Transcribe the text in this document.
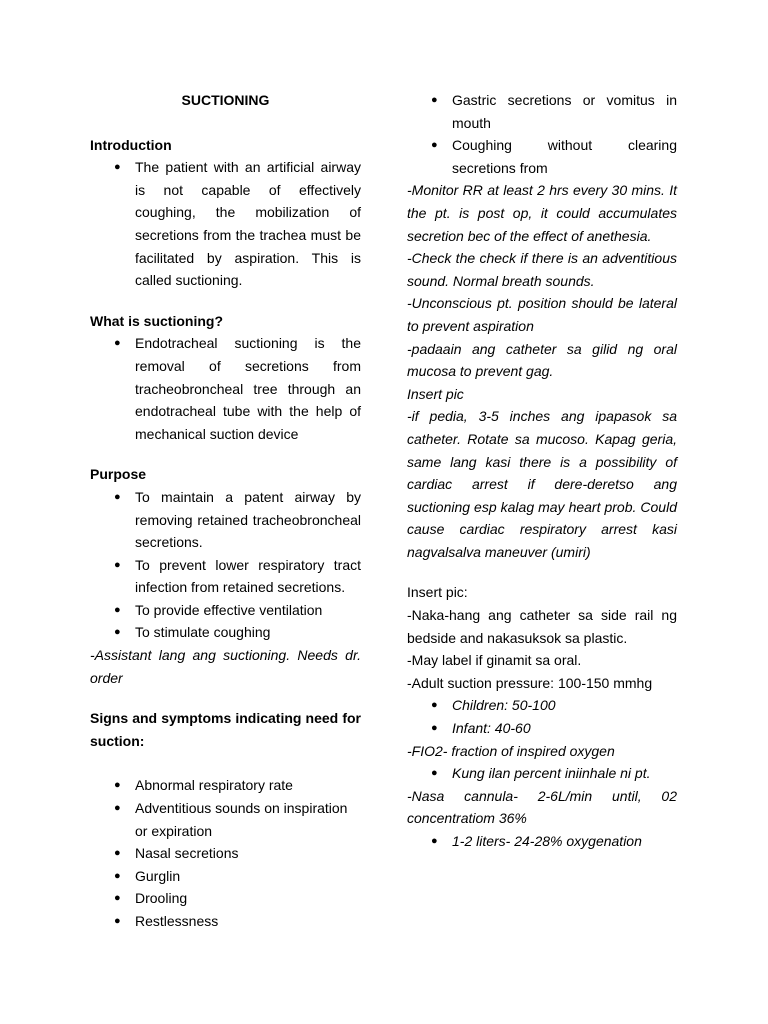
SUCTIONING
Introduction
● The patient with an artificial airway is not capable of effectively coughing, the mobilization of secretions from the trachea must be facilitated by aspiration. This is called suctioning.
What is suctioning?
● Endotracheal suctioning is the removal of secretions from tracheobroncheal tree through an endotracheal tube with the help of mechanical suction device
Purpose
● To maintain a patent airway by removing retained tracheobroncheal secretions.
● To prevent lower respiratory tract infection from retained secretions.
● To provide effective ventilation
● To stimulate coughing

-Assistant lang ang suctioning. Needs dr. order

Signs and symptoms indicating need for suction:
● Abnormal respiratory rate
● Adventitious sounds on inspiration or expiration
● Nasal secretions
● Gurglin
● Drooling
● Restlessness
● Gastric secretions or vomitus in mouth
● Coughing without clearing secretions from

-Monitor RR at least 2 hrs every 30 mins. It the pt. is post op, it could accumulates secretion bec of the effect of anethesia.

-Check the check if there is an adventitious sound. Normal breath sounds.

-Unconscious pt. position should be lateral to prevent aspiration

-padaain ang catheter sa gilid ng oral mucosa to prevent gag.

Insert pic

-if pedia, 3-5 inches ang ipapasok sa catheter. Rotate sa mucoso. Kapag geria, same lang kasi there is a possibility of cardiac arrest if dere-deretso ang suctioning esp kalag may heart prob. Could cause cardiac respiratory arrest kasi nagvalsalva maneuver (umiri)

Insert pic:

-Naka-hang ang catheter sa side rail ng bedside and nakasuksok sa plastic.

-May label if ginamit sa oral.

-Adult suction pressure: 100-150 mmhg

● Children: 50-100
● Infant: 40-60

-FIO2- fraction of inspired oxygen

● Kung ilan percent iniinhale ni pt.

-Nasa cannula- 2-6L/min until, 02 concentratiom 36%

● 1-2 liters- 24-28% oxygenation
